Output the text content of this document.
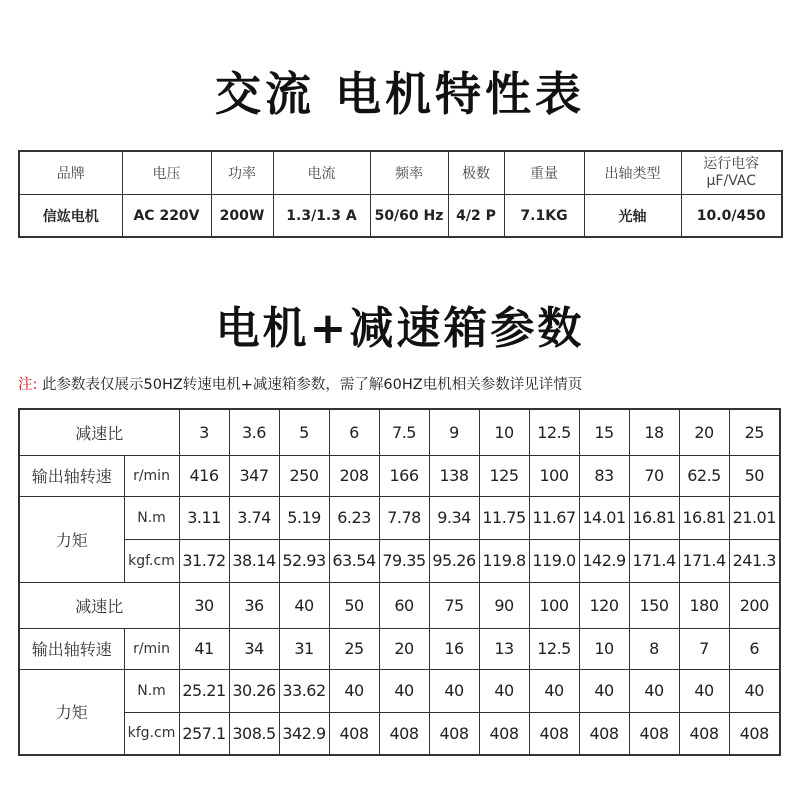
交流 电机特性表
品牌	电压	功率	电流	频率	极数	重量	出轴类型	运行电容
μF/VAC

信竑电机	AC 220V	200W	1.3/1.3 A	50/60 Hz	4/2 P	7.1KG	光轴	10.0/450
电机+减速箱参数
注: 此参数表仅展示50HZ转速电机+减速箱参数，需了解60HZ电机相关参数详见详情页
减速比		3	3.6	5	6	7.5	9	10	12.5	15	18	20	25
输出轴转速	r/min	416	347	250	208	166	138	125	100	83	70	62.5	50
力矩	N.m	3.11	3.74	5.19	6.23	7.78	9.34	11.75	11.67	14.01	16.81	16.81	21.01
	kgf.cm	31.72	38.14	52.93	63.54	79.35	95.26	119.8	119.0	142.9	171.4	171.4	241.3
减速比		30	36	40	50	60	75	90	100	120	150	180	200
输出轴转速	r/min	41	34	31	25	20	16	13	12.5	10	8	7	6
力矩	N.m	25.21	30.26	33.62	40	40	40	40	40	40	40	40	40
	kfg.cm	257.1	308.5	342.9	408	408	408	408	408	408	408	408	408
